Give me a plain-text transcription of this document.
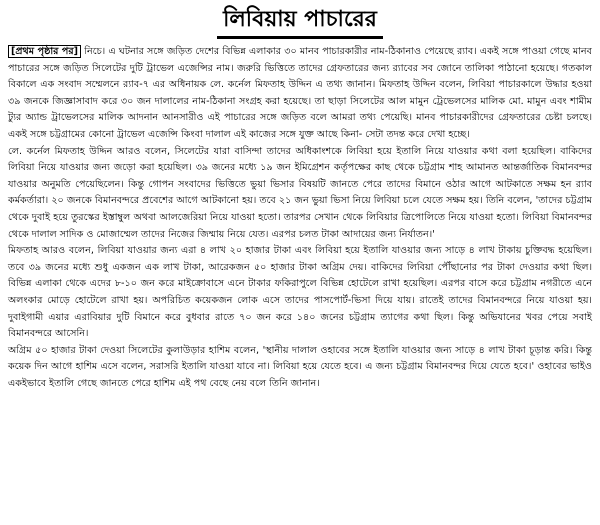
লিবিয়ায় পাচারের

[প্রথম পৃষ্ঠার পর] নিচে। এ ঘটনার সঙ্গে জড়িত দেশের বিভিন্ন এলাকার ৩০ মানব পাচারকারীর নাম-ঠিকানাও পেয়েছে র‍্যাব। একই সঙ্গে পাওয়া গেছে মানব পাচারের সঙ্গে জড়িত সিলেটের দুটি ট্রাভেল এজেন্সির নাম। জরুরি ভিত্তিতে তাদের গ্রেফতারের জন্য র‍্যাবের সব জোনে তালিকা পাঠানো হয়েছে। গতকাল বিকালে এক সংবাদ সম্মেলনে র‍্যাব-৭ এর অধিনায়ক লে. কর্নেল মিফতাহ উদ্দিন এ তথ্য জানান। মিফতাহ উদ্দিন বলেন, লিবিয়া পাচারকালে উদ্ধার হওয়া ৩৯ জনকে জিজ্ঞাসাবাদ করে ৩০ জন দালালের নাম-ঠিকানা সংগ্রহ করা হয়েছে। তা ছাড়া সিলেটের আল মামুন ট্রেভেলসের মালিক মো. মামুন এবং শামীম ট্যুর অ্যান্ড ট্রাভেলসের মালিক আদনান আনসারীও এই পাচারের সঙ্গে জড়িত বলে আমরা তথ্য পেয়েছি। মানব পাচারকারীদের গ্রেফতারের চেষ্টা চলছে। একই সঙ্গে চট্টগ্রামের কোনো ট্রাভেল এজেন্সি কিংবা দালাল এই কাজের সঙ্গে যুক্ত আছে কিনা- সেটা তদন্ত করে দেখা হচ্ছে।

লে. কর্নেল মিফতাহ উদ্দিন আরও বলেন, সিলেটের যারা বাসিন্দা তাদের অধিকাংশকে লিবিয়া হয়ে ইতালি নিয়ে যাওয়ার কথা বলা হয়েছিল। বাকিদের লিবিয়া নিয়ে যাওয়ার জন্য জড়ো করা হয়েছিল। ৩৯ জনের মধ্যে ১৯ জন ইমিগ্রেশন কর্তৃপক্ষের কাছ থেকে চট্টগ্রাম শাহ আমানত আন্তর্জাতিক বিমানবন্দর যাওয়ার অনুমতি পেয়েছিলেন। কিন্তু গোপন সংবাদের ভিত্তিতে ভুয়া ভিসার বিষয়টি জানতে পেরে তাদের বিমানে ওঠার আগে আটকাতে সক্ষম হন র‍্যাব কর্মকর্তারা। ২০ জনকে বিমানবন্দরে প্রবেশের আগে আটকানো হয়। তবে ২১ জন ভুয়া ভিসা নিয়ে লিবিয়া চলে যেতে সক্ষম হয়। তিনি বলেন, 'তাদের চট্টগ্রাম থেকে দুবাই হয়ে তুরস্কের ইস্তাম্বুল অথবা আলজেরিয়া নিয়ে যাওয়া হতো। তারপর সেখান থেকে লিবিয়ার ত্রিপোলিতে নিয়ে যাওয়া হতো। লিবিয়া বিমানবন্দর থেকে দালাল সাদিক ও মোজাম্মেল তাদের নিজের জিম্মায় নিয়ে যেত। এরপর চলত টাকা আদায়ের জন্য নির্যাতন।'

মিফতাহ আরও বলেন, লিবিয়া যাওয়ার জন্য এরা ৪ লাখ ২০ হাজার টাকা এবং লিবিয়া হয়ে ইতালি যাওয়ার জন্য সাড়ে ৪ লাখ টাকায় চুক্তিবদ্ধ হয়েছিল। তবে ৩৯ জনের মধ্যে শুধু একজন এক লাখ টাকা, আরেকজন ৫০ হাজার টাকা অগ্রিম দেয়। বাকিদের লিবিয়া পৌঁছানোর পর টাকা দেওয়ার কথা ছিল। বিভিন্ন এলাকা থেকে এদের ৮-১০ জন করে মাইক্রোবাসে এনে টাকার ফকিরাপুলে বিভিন্ন হোটেলে রাখা হয়েছিল। এরপর বাসে করে চট্টগ্রাম নগরীতে এনে অলংকার মোড়ে হোটেলে রাখা হয়। অপরিচিত কয়েকজন লোক এসে তাদের পাসপোর্ট-ভিসা দিয়ে যায়। রাতেই তাদের বিমানবন্দরে নিয়ে যাওয়া হয়। দুবাইগামী এয়ার এরাবিয়ার দুটি বিমানে করে বুধবার রাতে ৭০ জন করে ১৪০ জনের চট্টগ্রাম ত্যাগের কথা ছিল। কিন্তু অভিযানের খবর পেয়ে সবাই বিমানবন্দরে আসেনি।

অগ্রিম ৫০ হাজার টাকা দেওয়া সিলেটের কুলাউড়ার হাশিম বলেন, 'স্থানীয় দালাল ওহাবের সঙ্গে ইতালি যাওয়ার জন্য সাড়ে ৪ লাখ টাকা চূড়ান্ত করি। কিন্তু কয়েক দিন আগে হাশিম এসে বলেন, সরাসরি ইতালি যাওয়া যাবে না। লিবিয়া হয়ে যেতে হবে। এ জন্য চট্টগ্রাম বিমানবন্দর দিয়ে যেতে হবে।' ওহাবের ভাইও একইভাবে ইতালি গেছে জানতে পেরে হাশিম এই পথ বেছে নেয় বলে তিনি জানান।
